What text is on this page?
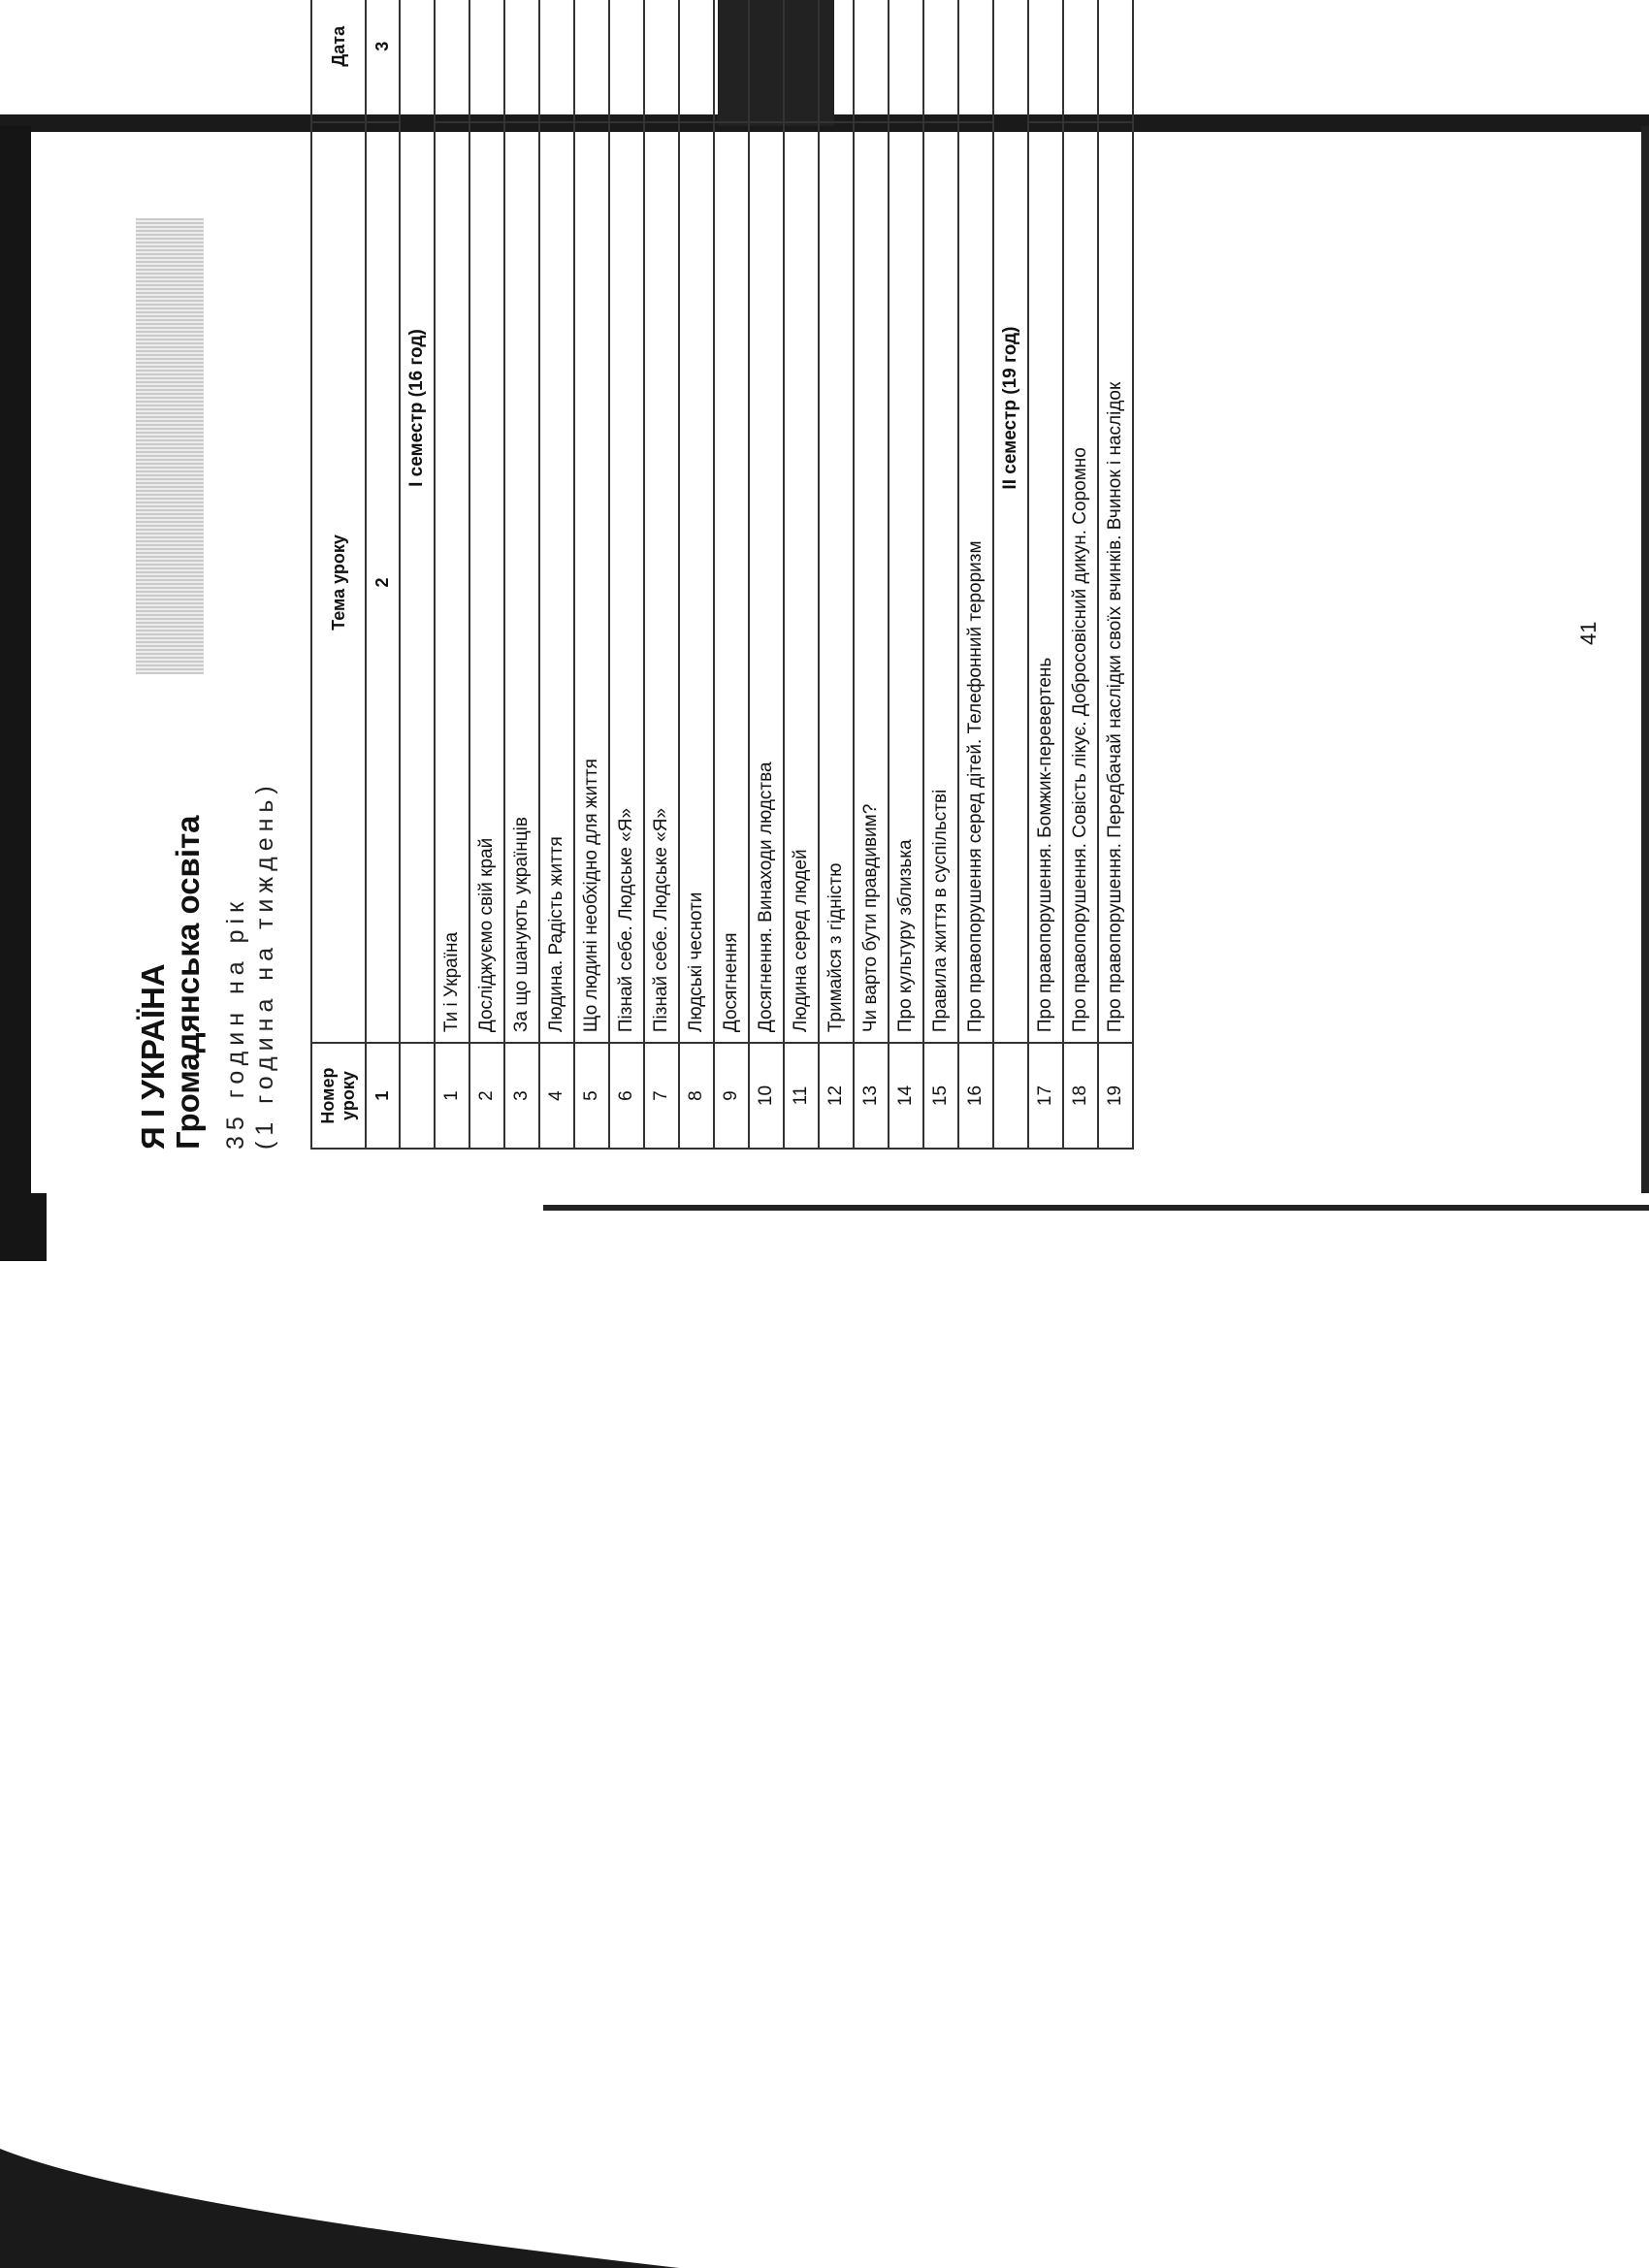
Я І УКРАЇНА Громадянська освіта 35 годин на рік (1 година на тиждень) Номер уроку	Тема уроку	Дата	
1	2	3	
	І семестр (16 год)		
1	Ти і Україна		
2	Досліджуємо свій край		
3	За що шанують українців		
4	Людина. Радість життя		
5	Що людині необхідно для життя		
6	Пізнай себе. Людське «Я»		
7	Пізнай себе. Людське «Я»		
8	Людські чесноти		
9	Досягнення		
10	Досягнення. Винаходи людства		
11	Людина серед людей		
12	Тримайся з гідністю		
13	Чи варто бути правдивим?		
14	Про культуру зблизька		
15	Правила життя в суспільстві		
16	Про правопорушення серед дітей. Телефонний тероризм		
	II семестр (19 год)		
17	Про правопорушення. Бомжик-перевертень		
18	Про правопорушення. Совість лікує. Добросовісний дикун. Соромно		
19	Про правопорушення. Передбачай наслідки своїх вчинків. Вчинок і наслідок			41
